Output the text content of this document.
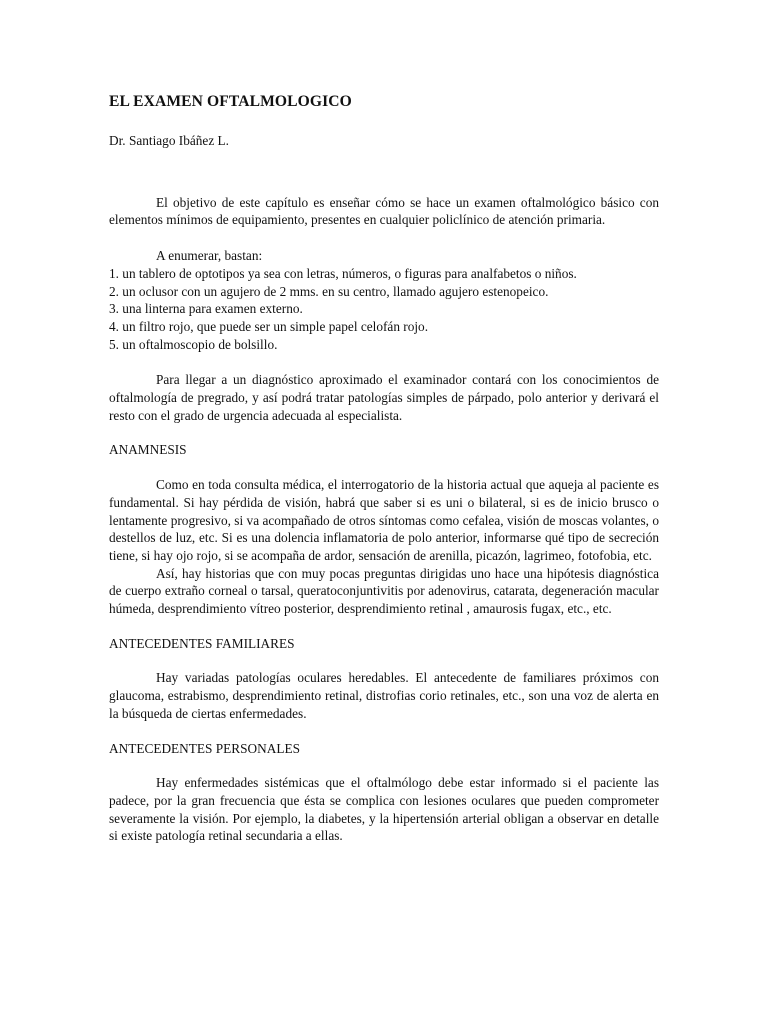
EL EXAMEN OFTALMOLOGICO
Dr. Santiago Ibáñez L.

El objetivo de este capítulo es enseñar cómo se hace un examen oftalmológico básico con elementos mínimos de equipamiento, presentes en cualquier policlínico de atención primaria.

A enumerar, bastan:

1. un tablero de optotipos ya sea con letras, números, o figuras para analfabetos o niños.
2. un oclusor con un agujero de 2 mms. en su centro, llamado agujero estenopeico.
3. una linterna para examen externo.
4. un filtro rojo, que puede ser un simple papel celofán rojo.
5. un oftalmoscopio de bolsillo.

Para llegar a un diagnóstico aproximado el examinador contará con los conocimientos de oftalmología de pregrado, y así podrá tratar patologías simples de párpado, polo anterior y derivará el resto con el grado de urgencia adecuada al especialista.

ANAMNESIS

Como en toda consulta médica, el interrogatorio de la historia actual que aqueja al paciente es fundamental. Si hay pérdida de visión, habrá que saber si es uni o bilateral, si es de inicio brusco o lentamente progresivo, si va acompañado de otros síntomas como cefalea, visión de moscas volantes, o destellos de luz, etc. Si es una dolencia inflamatoria de polo anterior, informarse qué tipo de secreción tiene, si hay ojo rojo, si se acompaña de ardor, sensación de arenilla, picazón, lagrimeo, fotofobia, etc.

Así, hay historias que con muy pocas preguntas dirigidas uno hace una hipótesis diagnóstica de cuerpo extraño corneal o tarsal, queratoconjuntivitis por adenovirus, catarata, degeneración macular húmeda, desprendimiento vítreo posterior, desprendimiento retinal , amaurosis fugax, etc., etc.

ANTECEDENTES FAMILIARES

Hay variadas patologías oculares heredables. El antecedente de familiares próximos con glaucoma, estrabismo, desprendimiento retinal, distrofias corio retinales, etc., son una voz de alerta en la búsqueda de ciertas enfermedades.

ANTECEDENTES PERSONALES

Hay enfermedades sistémicas que el oftalmólogo debe estar informado si el paciente las padece, por la gran frecuencia que ésta se complica con lesiones oculares que pueden comprometer severamente la visión. Por ejemplo, la diabetes, y la hipertensión arterial obligan a observar en detalle si existe patología retinal secundaria a ellas.
